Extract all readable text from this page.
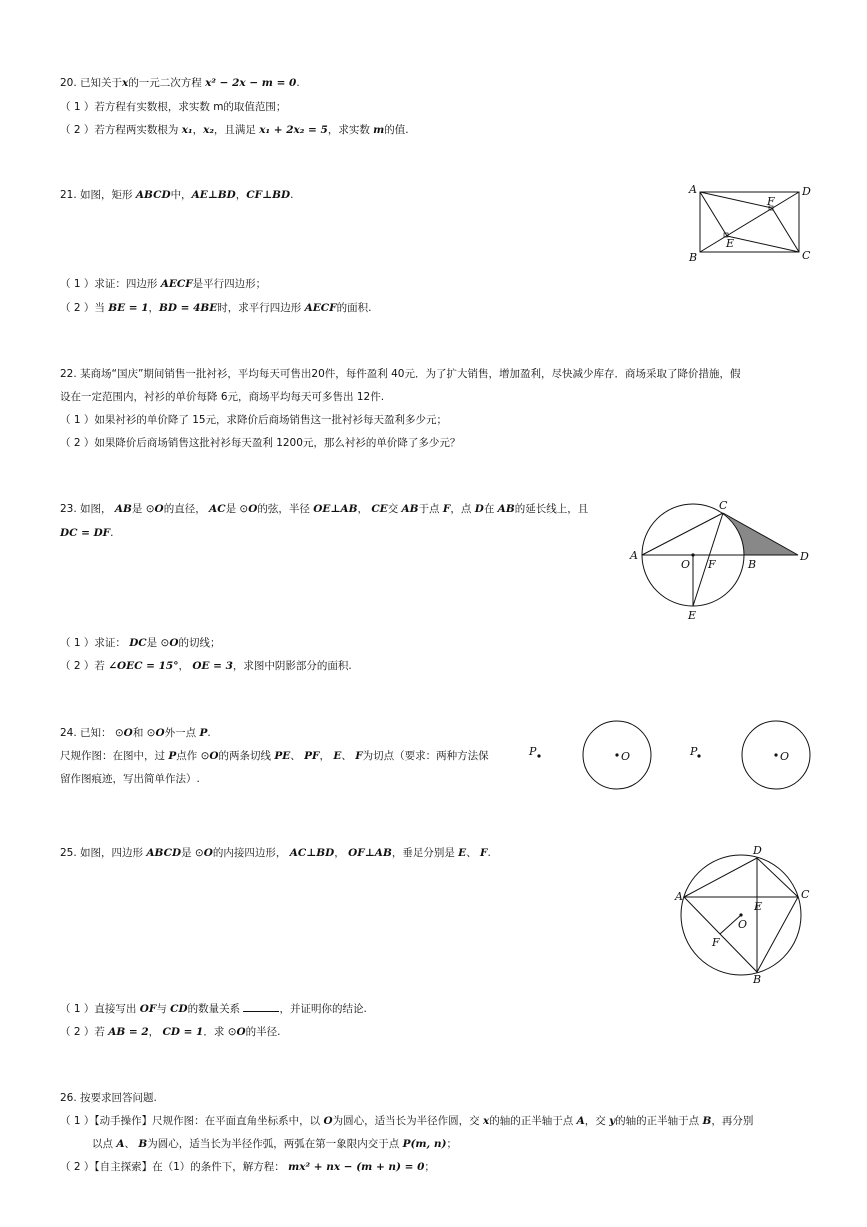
20. 已知关于x的一元二次方程 x² − 2x − m = 0.
（ 1 ）若方程有实数根，求实数 m的取值范围；
（ 2 ）若方程两实数根为 x₁，x₂，且满足 x₁ + 2x₂ = 5，求实数 m的值.
21. 如图，矩形 ABCD中，AE⊥BD，CF⊥BD.	A	D
F
E
B	C
（ 1 ）求证：四边形 AECF是平行四边形；
（ 2 ）当 BE = 1，BD = 4BE时，求平行四边形 AECF的面积.
22. 某商场“国庆”期间销售一批衬衫，平均每天可售出20件，每件盈利 40元．为了扩大销售，增加盈利，尽快减少库存．商场采取了降价措施，假
设在一定范围内，衬衫的单价每降 6元，商场平均每天可多售出 12件.
（ 1 ）如果衬衫的单价降了 15元，求降价后商场销售这一批衬衫每天盈利多少元；
（ 2 ）如果降价后商场销售这批衬衫每天盈利 1200元，那么衬衫的单价降了多少元？
23. 如图， AB是 ⊙O的直径， AC是 ⊙O的弦，半径 OE⊥AB， CE交 AB于点 F，点 D在 AB的延长线上，且
DC = DF.
C
A
O F	B
D
E
（ 1 ）求证： DC是 ⊙O的切线；
（ 2 ）若 ∠OEC = 15°， OE = 3，求图中阴影部分的面积.
24. 已知： ⊙O和 ⊙O外一点 P.
尺规作图：在图中，过 P点作 ⊙O的两条切线 PE、 PF， E、 F为切点（要求：两种方法保
留作图痕迹，写出简单作法）.
P	O	P	O
25. 如图，四边形 ABCD是 ⊙O的内接四边形， AC⊥BD， OF⊥AB，垂足分别是 E、 F.	D
A	C
E
O
F
B
（ 1 ）直接写出 OF与 CD的数量关系	，并证明你的结论.
（ 2 ）若 AB = 2， CD = 1．求 ⊙O的半径.
26. 按要求回答问题.
（ 1 ）【动手操作】尺规作图：在平面直角坐标系中，以 O为圆心，适当长为半径作圆，交 x的轴的正半轴于点 A，交 y的轴的正半轴于点 B，再分别
以点 A、 B为圆心，适当长为半径作弧，两弧在第一象限内交于点 P(m, n)；
（ 2 ）【自主探索】在（1）的条件下，解方程： mx² + nx − (m + n) = 0；
